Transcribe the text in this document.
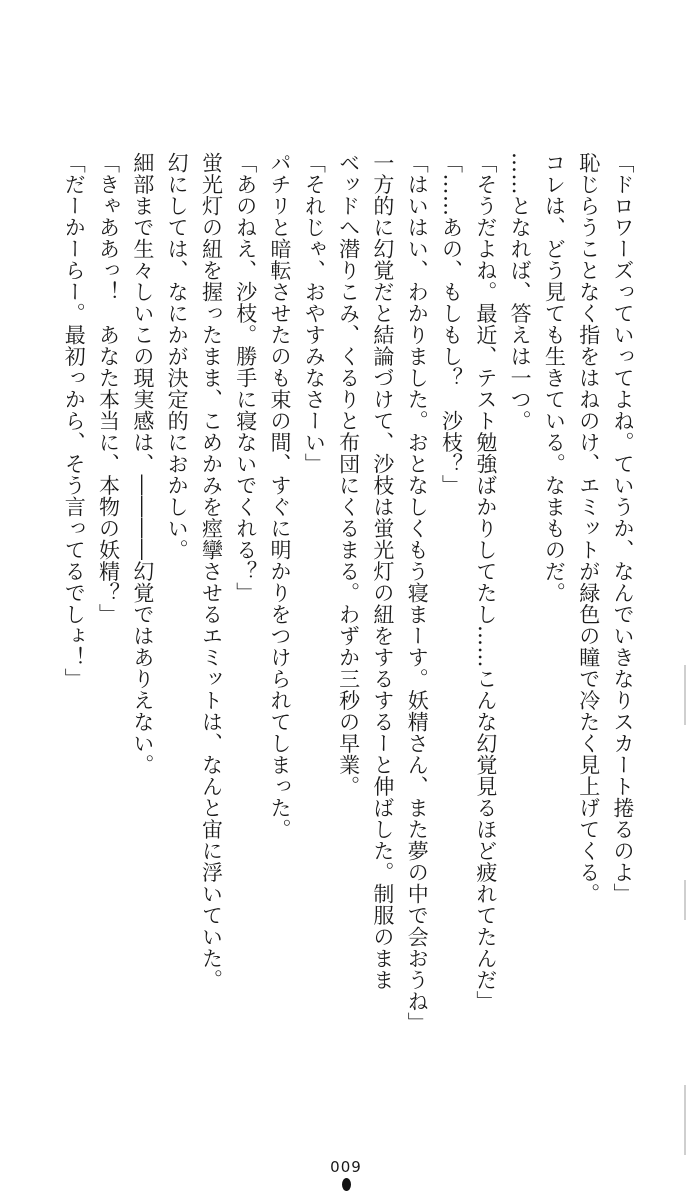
「ドロワーズっていってよね。ていうか、なんでいきなりスカート捲るのよ」
恥じらうことなく指をはねのけ、エミットが緑色の瞳で冷たく見上げてくる。
コレは、どう見ても生きている。なまものだ。
……となれば、答えは一つ。
「そうだよね。最近、テスト勉強ばかりしてたし……こんな幻覚見るほど疲れてたんだ」
「……あの、もしもし？　沙枝？」
「はいはい、わかりました。おとなしくもう寝まーす。妖精さん、また夢の中で会おうね」
一方的に幻覚だと結論づけて、沙枝は蛍光灯の紐をするするーと伸ばした。制服のまま
ベッドへ潜りこみ、くるりと布団にくるまる。わずか三秒の早業。
「それじゃ、おやすみなさーい」
パチリと暗転させたのも束の間、すぐに明かりをつけられてしまった。
「あのねえ、沙枝。勝手に寝ないでくれる？」
蛍光灯の紐を握ったまま、こめかみを痙攣させるエミットは、なんと宙に浮いていた。
幻にしては、なにかが決定的におかしい。
細部まで生々しいこの現実感は、――――幻覚ではありえない。
「きゃああっ！　あなた本当に、本物の妖精？」
「だーかーらー。最初っから、そう言ってるでしょ！」
009
